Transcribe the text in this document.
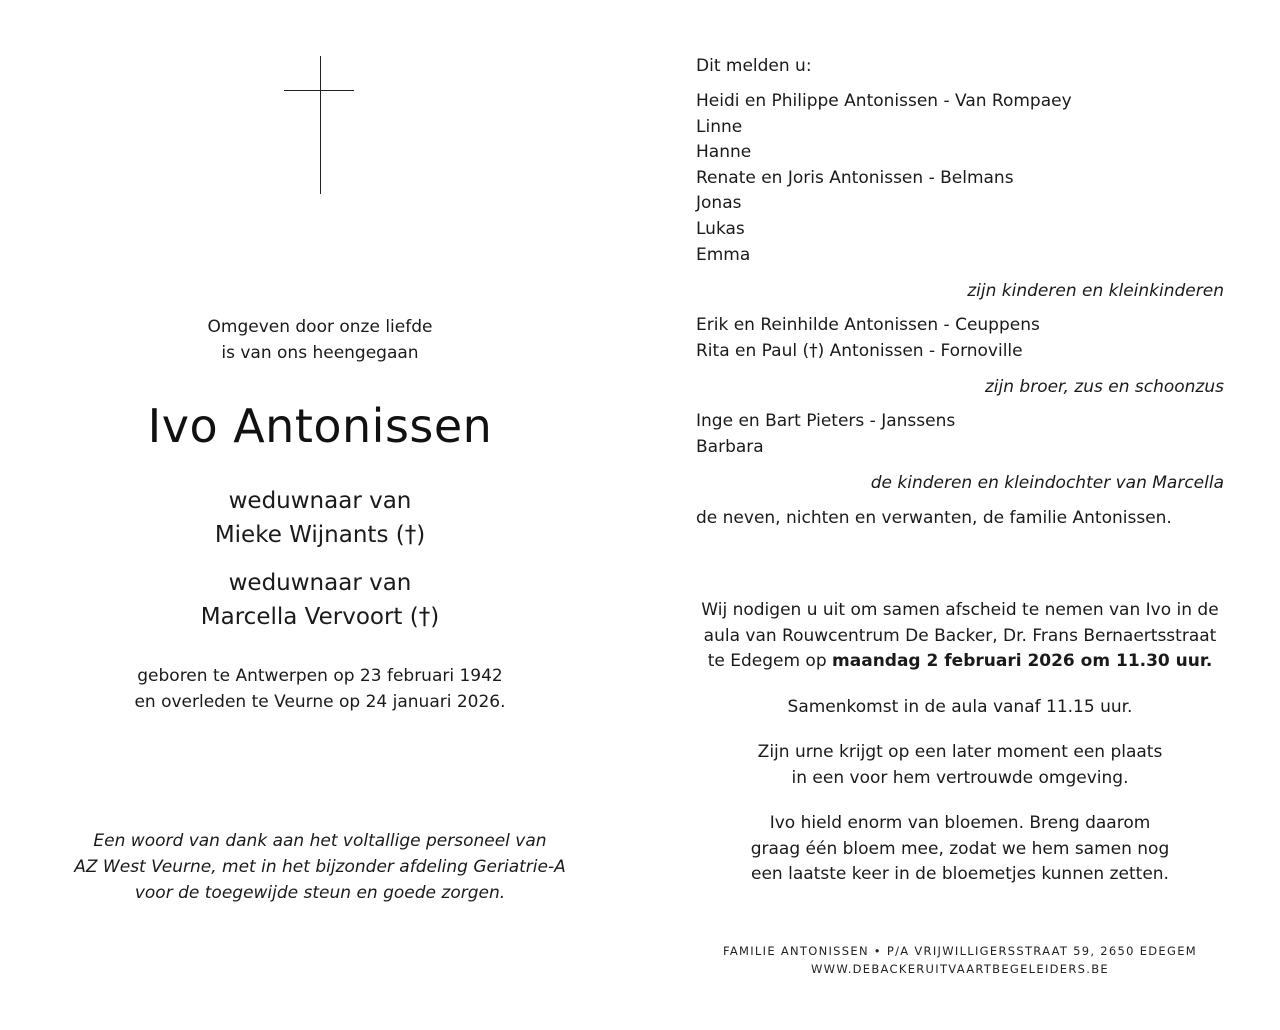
Omgeven door onze liefde
is van ons heengegaan
Ivo Antonissen
weduwnaar van
Mieke Wijnants (†)
weduwnaar van
Marcella Vervoort (†)
geboren te Antwerpen op 23 februari 1942
en overleden te Veurne op 24 januari 2026.
Een woord van dank aan het voltallige personeel van
AZ West Veurne, met in het bijzonder afdeling Geriatrie-A
voor de toegewijde steun en goede zorgen.
Dit melden u:
Heidi en Philippe Antonissen - Van Rompaey
Linne
Hanne
Renate en Joris Antonissen - Belmans
Jonas
Lukas
Emma
zijn kinderen en kleinkinderen
Erik en Reinhilde Antonissen - Ceuppens
Rita en Paul (†) Antonissen - Fornoville
zijn broer, zus en schoonzus
Inge en Bart Pieters - Janssens
Barbara
de kinderen en kleindochter van Marcella
de neven, nichten en verwanten, de familie Antonissen.
Wij nodigen u uit om samen afscheid te nemen van Ivo in de
aula van Rouwcentrum De Backer, Dr. Frans Bernaertsstraat
te Edegem op maandag 2 februari 2026 om 11.30 uur.
Samenkomst in de aula vanaf 11.15 uur.
Zijn urne krijgt op een later moment een plaats
in een voor hem vertrouwde omgeving.
Ivo hield enorm van bloemen. Breng daarom
graag één bloem mee, zodat we hem samen nog
een laatste keer in de bloemetjes kunnen zetten.
FAMILIE ANTONISSEN • P/A VRIJWILLIGERSSTRAAT 59, 2650 EDEGEM
WWW.DEBACKERUITVAARTBEGELEIDERS.BE
